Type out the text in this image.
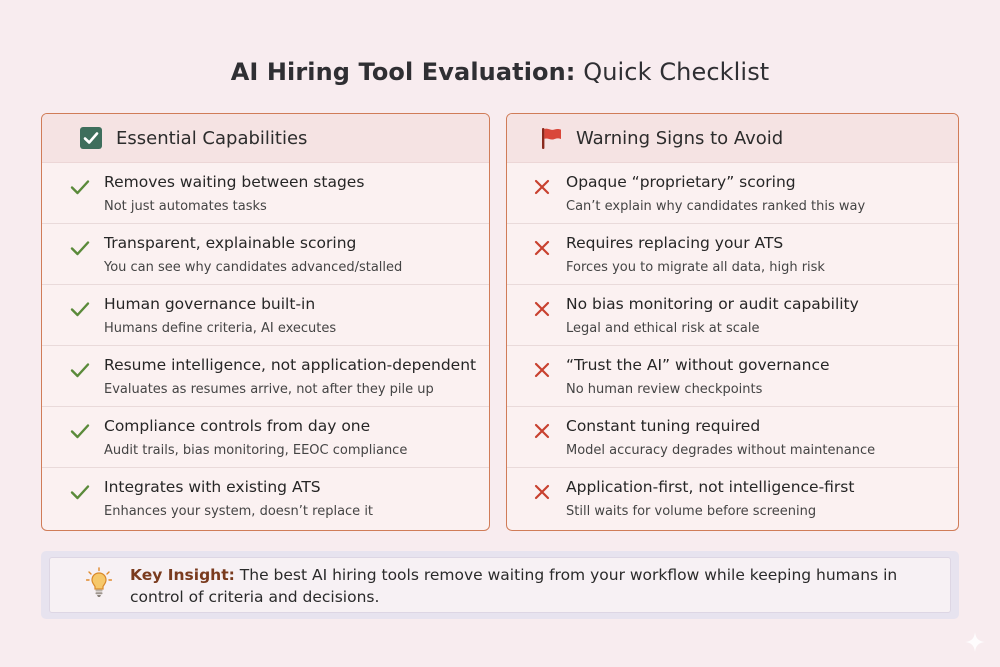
AI Hiring Tool Evaluation: Quick Checklist
Essential Capabilities
Removes waiting between stages
Not just automates tasks
Transparent, explainable scoring
You can see why candidates advanced/stalled
Human governance built-in
Humans define criteria, AI executes
Resume intelligence, not application-dependent
Evaluates as resumes arrive, not after they pile up
Compliance controls from day one
Audit trails, bias monitoring, EEOC compliance
Integrates with existing ATS
Enhances your system, doesn’t replace it
Warning Signs to Avoid
Opaque “proprietary” scoring
Can’t explain why candidates ranked this way
Requires replacing your ATS
Forces you to migrate all data, high risk
No bias monitoring or audit capability
Legal and ethical risk at scale
“Trust the AI” without governance
No human review checkpoints
Constant tuning required
Model accuracy degrades without maintenance
Application-first, not intelligence-first
Still waits for volume before screening
Key Insight: The best AI hiring tools remove waiting from your workflow while keeping humans in control of criteria and decisions.
